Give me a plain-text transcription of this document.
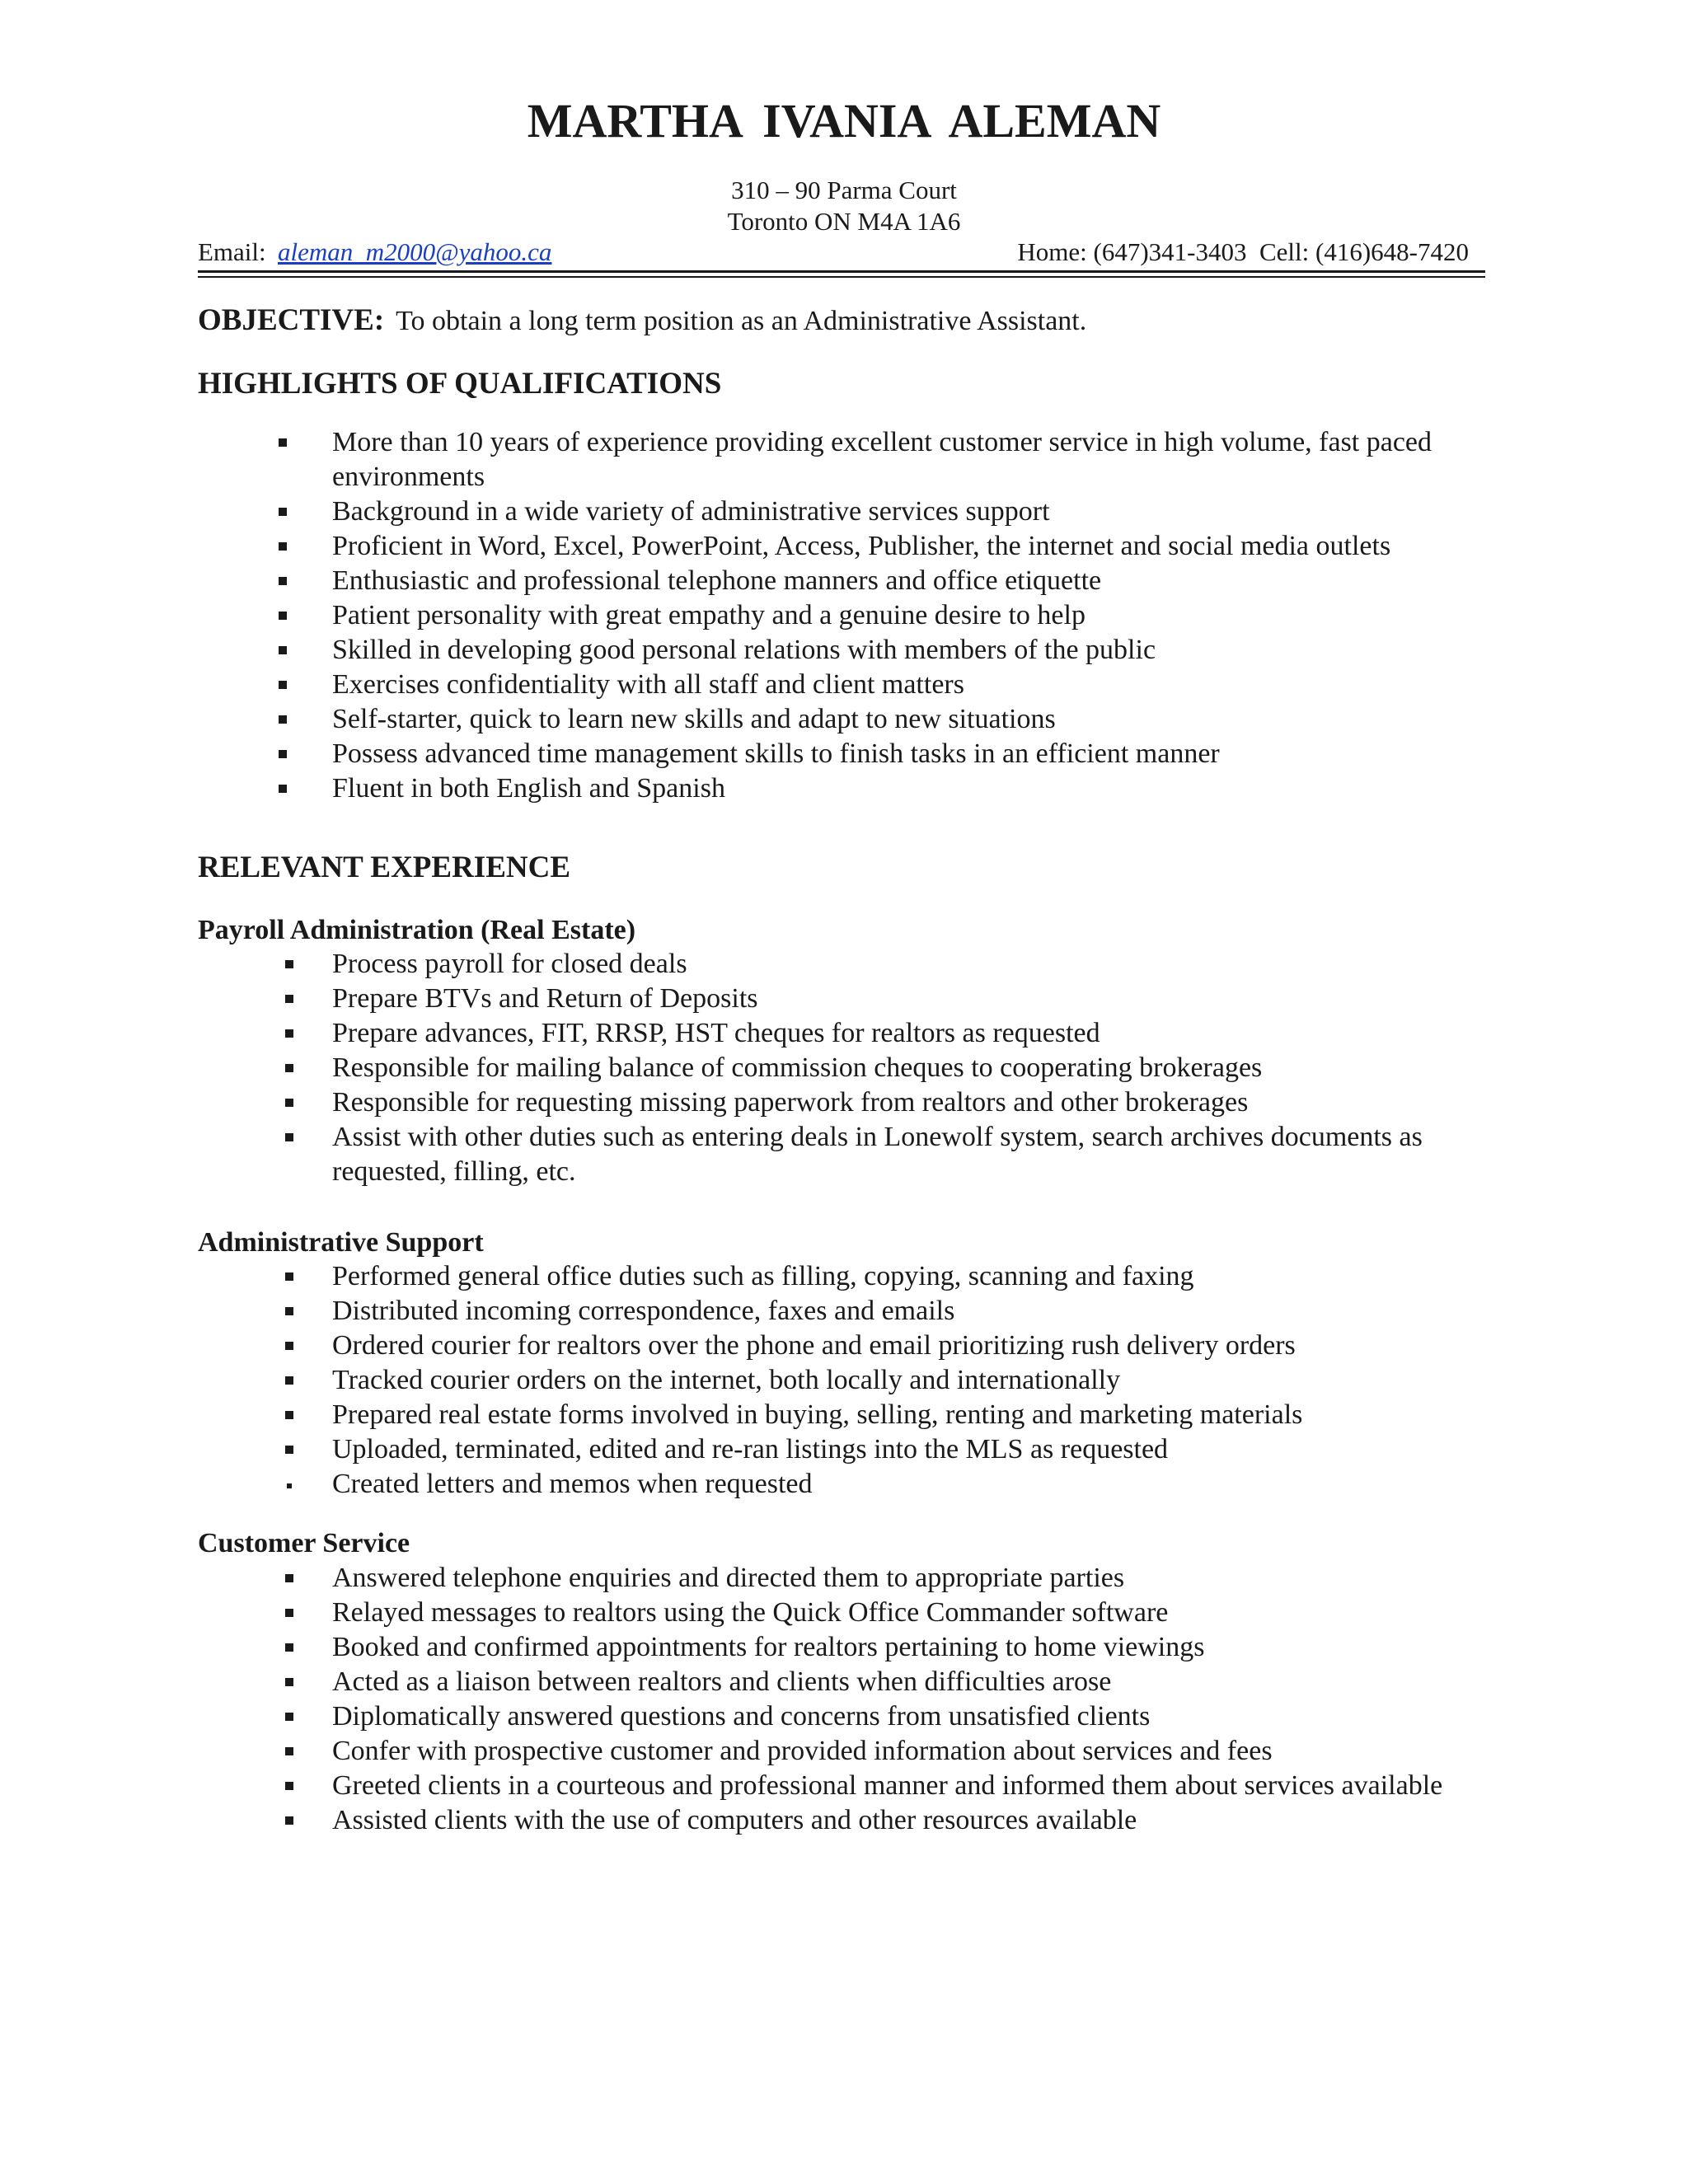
MARTHA IVANIA ALEMAN
310 – 90 Parma Court
Toronto ON M4A 1A6
Email: aleman_m2000@yahoo.ca	Home: (647)341-3403  Cell: (416)648-7420
OBJECTIVE: To obtain a long term position as an Administrative Assistant.
HIGHLIGHTS OF QUALIFICATIONS
More than 10 years of experience providing excellent customer service in high volume, fast paced environments
Background in a wide variety of administrative services support
Proficient in Word, Excel, PowerPoint, Access, Publisher, the internet and social media outlets
Enthusiastic and professional telephone manners and office etiquette
Patient personality with great empathy and a genuine desire to help
Skilled in developing good personal relations with members of the public
Exercises confidentiality with all staff and client matters
Self-starter, quick to learn new skills and adapt to new situations
Possess advanced time management skills to finish tasks in an efficient manner
Fluent in both English and Spanish
RELEVANT EXPERIENCE
Payroll Administration (Real Estate)
Process payroll for closed deals
Prepare BTVs and Return of Deposits
Prepare advances, FIT, RRSP, HST cheques for realtors as requested
Responsible for mailing balance of commission cheques to cooperating brokerages
Responsible for requesting missing paperwork from realtors and other brokerages
Assist with other duties such as entering deals in Lonewolf system, search archives documents as requested, filling, etc.
Administrative Support
Performed general office duties such as filling, copying, scanning and faxing
Distributed incoming correspondence, faxes and emails
Ordered courier for realtors over the phone and email prioritizing rush delivery orders
Tracked courier orders on the internet, both locally and internationally
Prepared real estate forms involved in buying, selling, renting and marketing materials
Uploaded, terminated, edited and re-ran listings into the MLS as requested
Created letters and memos when requested
Customer Service
Answered telephone enquiries and directed them to appropriate parties
Relayed messages to realtors using the Quick Office Commander software
Booked and confirmed appointments for realtors pertaining to home viewings
Acted as a liaison between realtors and clients when difficulties arose
Diplomatically answered questions and concerns from unsatisfied clients
Confer with prospective customer and provided information about services and fees
Greeted clients in a courteous and professional manner and informed them about services available
Assisted clients with the use of computers and other resources available
